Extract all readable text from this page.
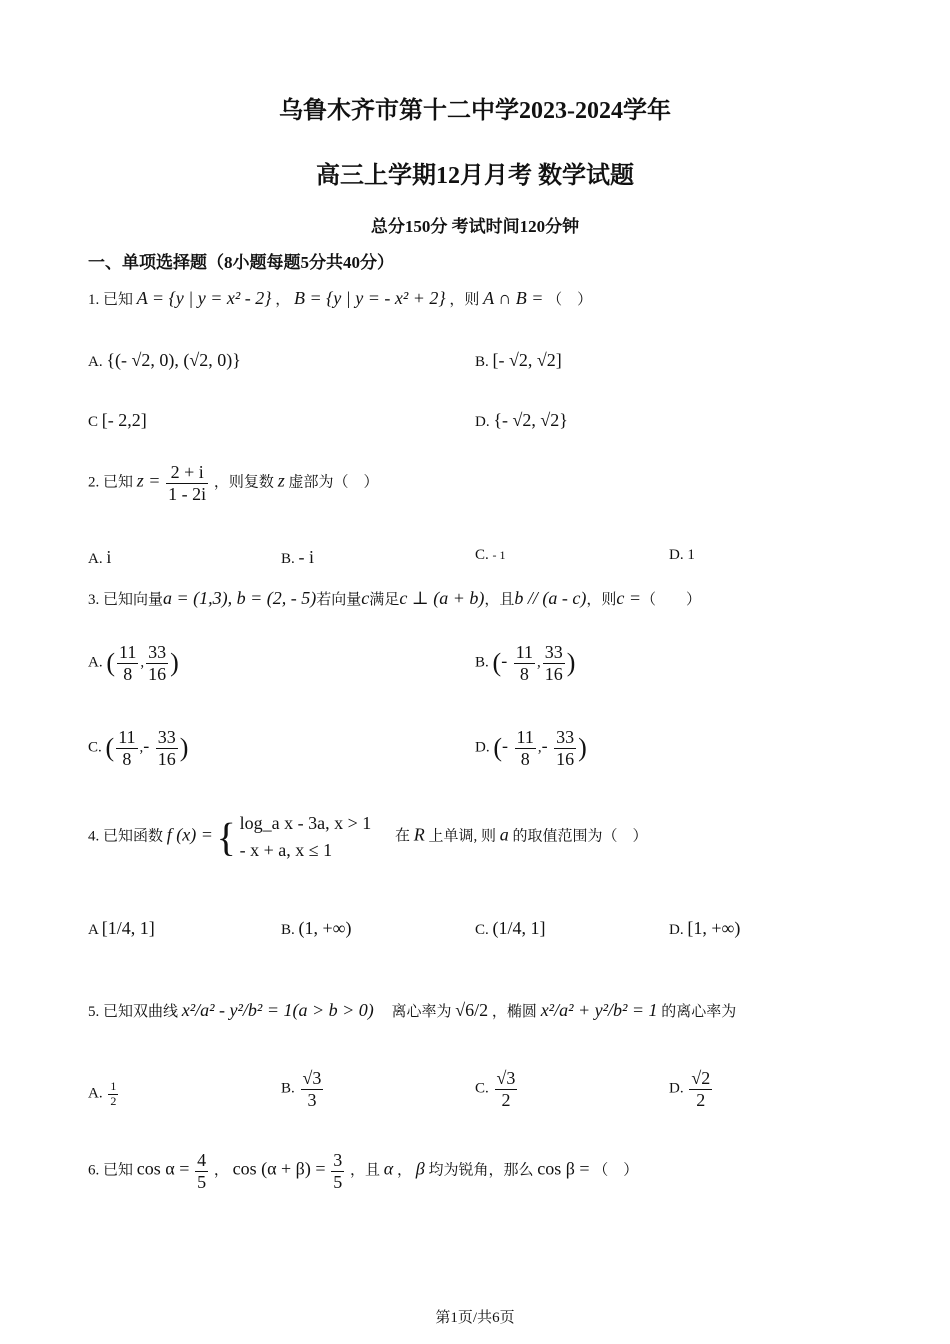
乌鲁木齐市第十二中学2023-2024学年
高三上学期12月月考 数学试题
总分150分 考试时间120分钟
一、单项选择题（8小题每题5分共40分）
1. 已知 A = {y | y = x² - 2} ， B = {y | y = - x² + 2} ，则 A ∩ B = （　）
A. {(- √2, 0), (√2, 0)}	B. [- √2, √2]
C [- 2,2]	D. {- √2, √2}
2. 已知 $z = \frac{2 + i}{1 - 2i}$ ，则复数 z 虚部为（　）
A. i	B. - i	C. - 1	D. 1
3. 已知向量a = (1,3), b = (2, - 5)若向量c满足c ⊥ (a + b)，且b // (a - c)，则c =（　　）
A. ( $\frac{11}{8}$ , $\frac{33}{16}$ )	B. (- $\frac{11}{8}$ , $\frac{33}{16}$ )
C. ( $\frac{11}{8}$ ,- $\frac{33}{16}$ )	D. (- $\frac{11}{8}$ ,- $\frac{33}{16}$ )
4. 已知函数 f (x) = { log_a x - 3a, x > 1
- x + a, x ≤ 1
在 R 上单调, 则 a 的取值范围为（　）
A [1/4, 1]	B. (1, +∞)	C. (1/4, 1]	D. [1, +∞)
5. 已知双曲线 x²/a² - y²/b² = 1(a > b > 0) 离心率为 √6/2 ，椭圆 x²/a² + y²/b² = 1 的离心率为
A. $\frac{1}{2}$	B. $\frac{√3}{3}$	C. $\frac{√3}{2}$	D. $\frac{√2}{2}$
6. 已知 $\cos \alpha = \frac{4}{5}$ ， $\cos (\alpha + \beta) = \frac{3}{5}$ ，且 α ， β 均为锐角，那么 cos β = （　）
第1页/共6页
